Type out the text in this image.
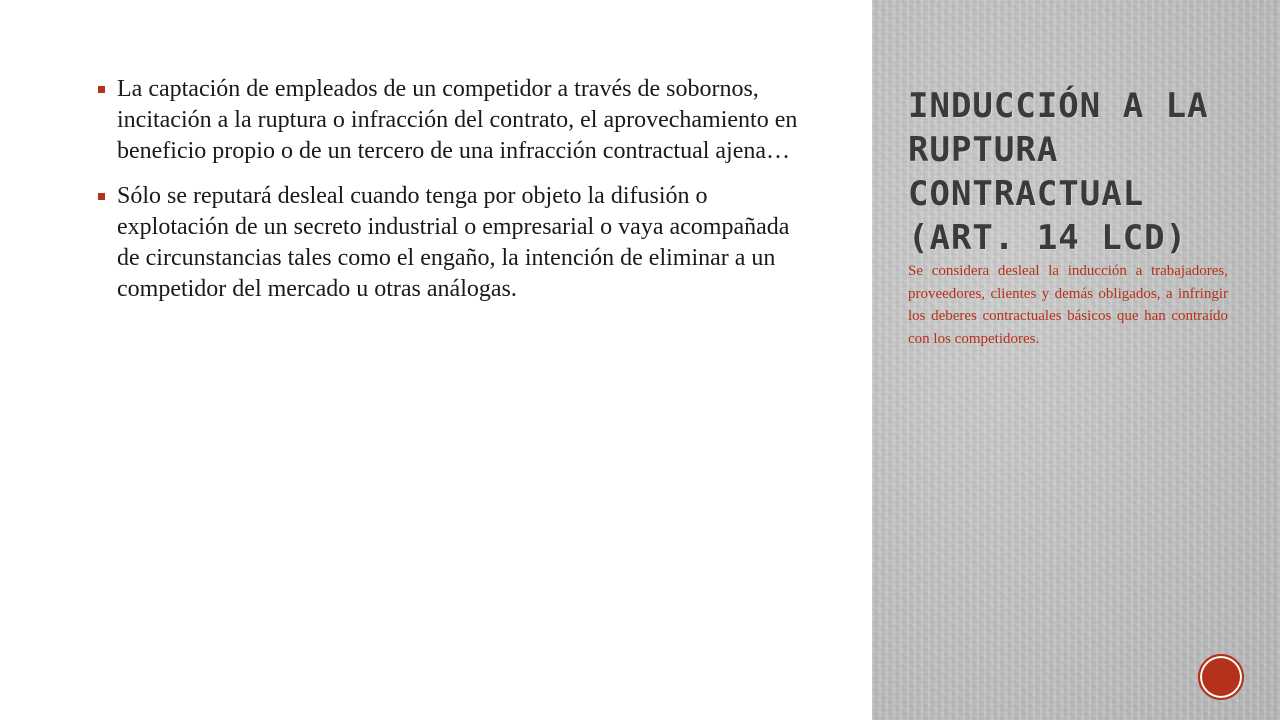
La captación de empleados de un competidor a través de sobornos, incitación a la ruptura o infracción del contrato, el aprovechamiento en beneficio propio o de un tercero de una infracción contractual ajena…
Sólo se reputará desleal cuando tenga por objeto la difusión o explotación de un secreto industrial o empresarial o vaya acompañada de circunstancias tales como el engaño, la intención de eliminar a un competidor del mercado u otras análogas.
INDUCCIÓN A LA RUPTURA CONTRACTUAL (ART. 14 LCD)

Se considera desleal la inducción a trabajadores, proveedores, clientes y demás obligados, a infringir los deberes contractuales básicos que han contraído con los competidores.
